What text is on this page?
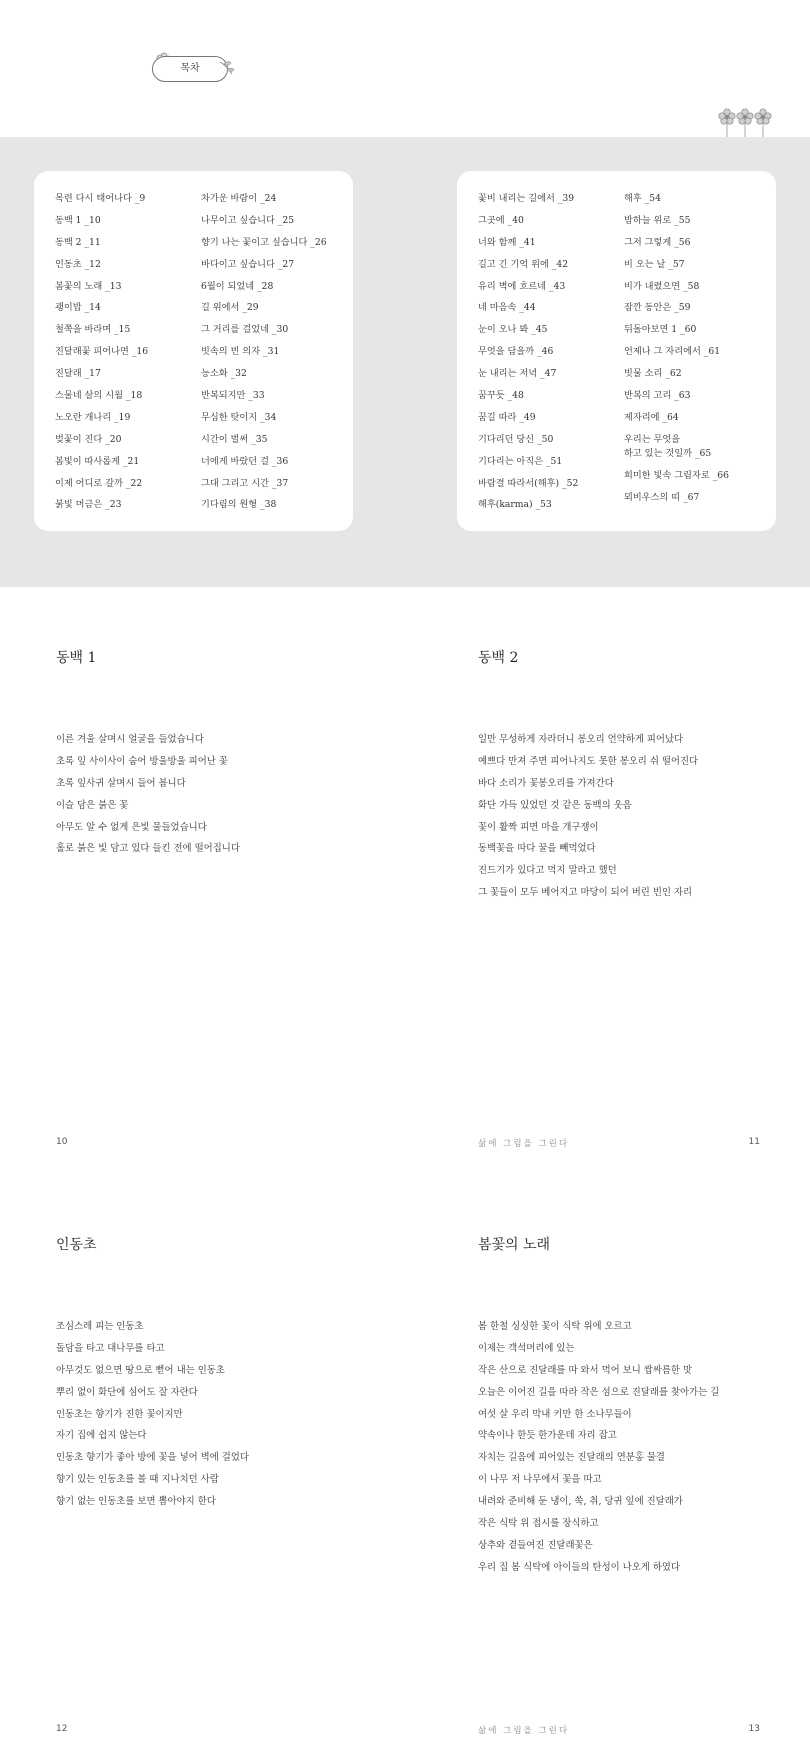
목차
목련 다시 태어나다 _9
동백 1 _10
동백 2 _11
인동초 _12
봄꽃의 노래 _13
괭이밥 _14
철쭉을 바라며 _15
진달래꽃 피어나면 _16
진달래 _17
스물네 살의 시월 _18
노오란 개나리 _19
벚꽃이 진다 _20
봄빛이 따사롭게 _21
이제 어디로 갈까 _22
붉빛 머금은 _23
차가운 바람이 _24
나무이고 싶습니다 _25
향기 나는 꽃이고 싶습니다 _26
바다이고 싶습니다 _27
6월이 되었네 _28
길 위에서 _29
그 거리를 걸었네 _30
빗속의 빈 의자 _31
능소화 _32
반복되지만 _33
무심한 탓이지 _34
시간이 벌써 _35
너에게 바랐던 걸 _36
그대 그리고 시간 _37
기다림의 원형 _38
꽃비 내리는 길에서 _39
그곳에 _40
너와 함께 _41
길고 긴 기억 위에 _42
유리 벽에 흐르네 _43
네 마음속 _44
눈이 오나 봐 _45
무엇을 담을까 _46
눈 내리는 저녁 _47
꿈꾸듯 _48
꿈길 따라 _49
기다리던 당신 _50
기다리는 아직은 _51
바람결 따라서(해후) _52
해후(karma) _53
해후 _54
밤하늘 위로 _55
그저 그렇게 _56
비 오는 날 _57
비가 내렸으면 _58
잠깐 동안은 _59
뒤돌아보면 1 _60
언제나 그 자리에서 _61
빗물 소리 _62
반복의 고리 _63
제자리에 _64
우리는 무엇을
하고 있는 것일까 _65
희미한 빛속 그림자로 _66
뫼비우스의 띠 _67
동백 1
이른 겨울 살며시 얼굴을 들었습니다
초록 잎 사이사이 숨어 방울방울 피어난 꽃
초록 잎사귀 살며시 들어 봅니다
이슬 담은 붉은 꽃
아무도 알 수 없게 은빛 물들었습니다
홀로 붉은 빛 담고 있다 들킨 전에 떨어집니다
10
동백 2
일만 무성하게 자라더니 봉오리 언약하게 피어났다
예쁘다 만져 주면 피어나지도 못한 봉오리 쉬 떨어진다
바다 소리가 꽃봉오리를 가져간다
화단 가득 있었던 것 같은 동백의 웃음
꽃이 활짝 피면 마을 개구쟁이
동백꽃을 따다 꿀을 빼먹었다
진드기가 있다고 먹지 말라고 했던
그 꽃들이 모두 베어지고 마당이 되어 버린 빈인 자리
삶에 그림을 그린다	11
인동초
조심스레 피는 인동초
돌담을 타고 대나무를 타고
아무것도 없으면 땅으로 뻗어 내는 인동초
뿌리 없이 화단에 심어도 잘 자란다
인동초는 향기가 진한 꽃이지만
자기 집에 쉽지 않는다
인동초 향기가 좋아 방에 꽃을 넣어 벽에 걸었다
향기 있는 인동초를 볼 때 지나치던 사람
향기 없는 인동초를 보면 뽑아야지 한다
12
봄꽃의 노래
봄 한철 싱싱한 꽃이 식탁 위에 오르고
이제는 객석머리에 있는
작은 산으로 진달래를 따 와서 먹어 보니 쌉싸름한 맛
오늘은 이어진 길을 따라 작은 섬으로 진달래를 찾아가는 길
여섯 살 우리 막내 키만 한 소나무들이
약속이나 한듯 한가운데 자리 잡고
자치는 길음에 피어있는 진달래의 연분홍 물결
이 나무 저 나무에서 꽃을 따고
내려와 준비해 둔 냉이, 쑥, 취, 당귀 잎에 진달래가
작은 식탁 위 접시를 장식하고
상추와 곁들여진 진달래꽃은
우리 집 봄 식탁에 아이들의 탄성이 나오게 하였다
삶에 그림을 그린다	13
